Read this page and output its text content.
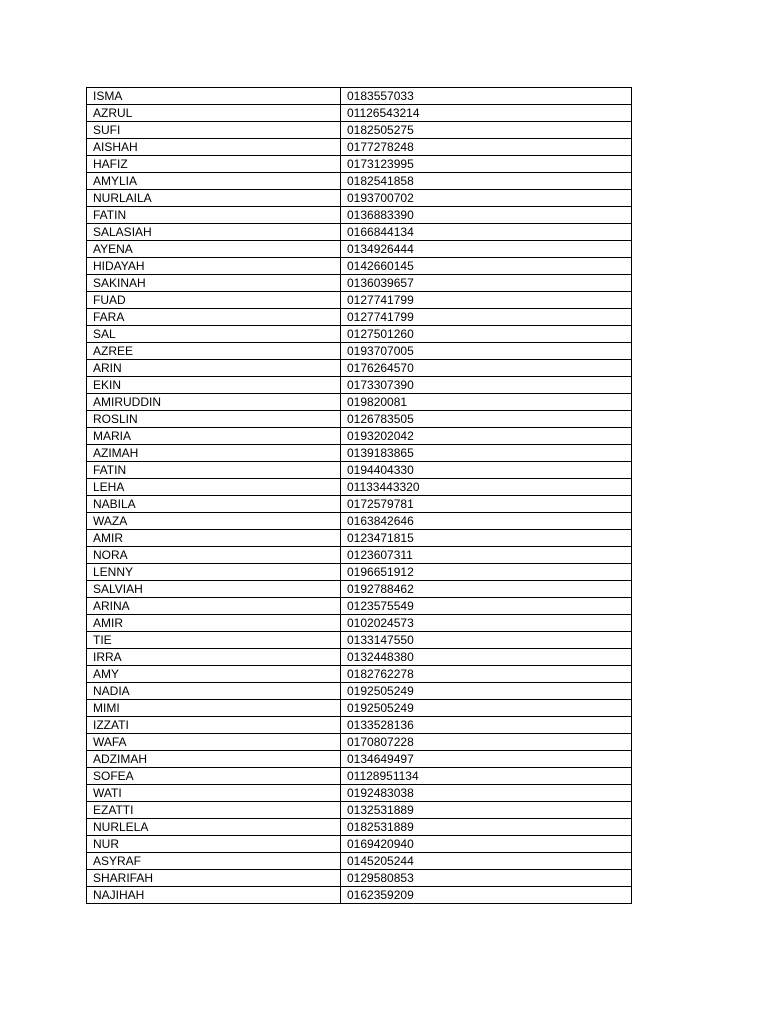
ISMA	0183557033
AZRUL	01126543214
SUFI	0182505275
AISHAH	0177278248
HAFIZ	0173123995
AMYLIA	0182541858
NURLAILA	0193700702
FATIN	0136883390
SALASIAH	0166844134
AYENA	0134926444
HIDAYAH	0142660145
SAKINAH	0136039657
FUAD	0127741799
FARA	0127741799
SAL	0127501260
AZREE	0193707005
ARIN	0176264570
EKIN	0173307390
AMIRUDDIN	019820081
ROSLIN	0126783505
MARIA	0193202042
AZIMAH	0139183865
FATIN	0194404330
LEHA	01133443320
NABILA	0172579781
WAZA	0163842646
AMIR	0123471815
NORA	0123607311
LENNY	0196651912
SALVIAH	0192788462
ARINA	0123575549
AMIR	0102024573
TIE	0133147550
IRRA	0132448380
AMY	0182762278
NADIA	0192505249
MIMI	0192505249
IZZATI	0133528136
WAFA	0170807228
ADZIMAH	0134649497
SOFEA	01128951134
WATI	0192483038
EZATTI	0132531889
NURLELA	0182531889
NUR	0169420940
ASYRAF	0145205244
SHARIFAH	0129580853
NAJIHAH	0162359209
